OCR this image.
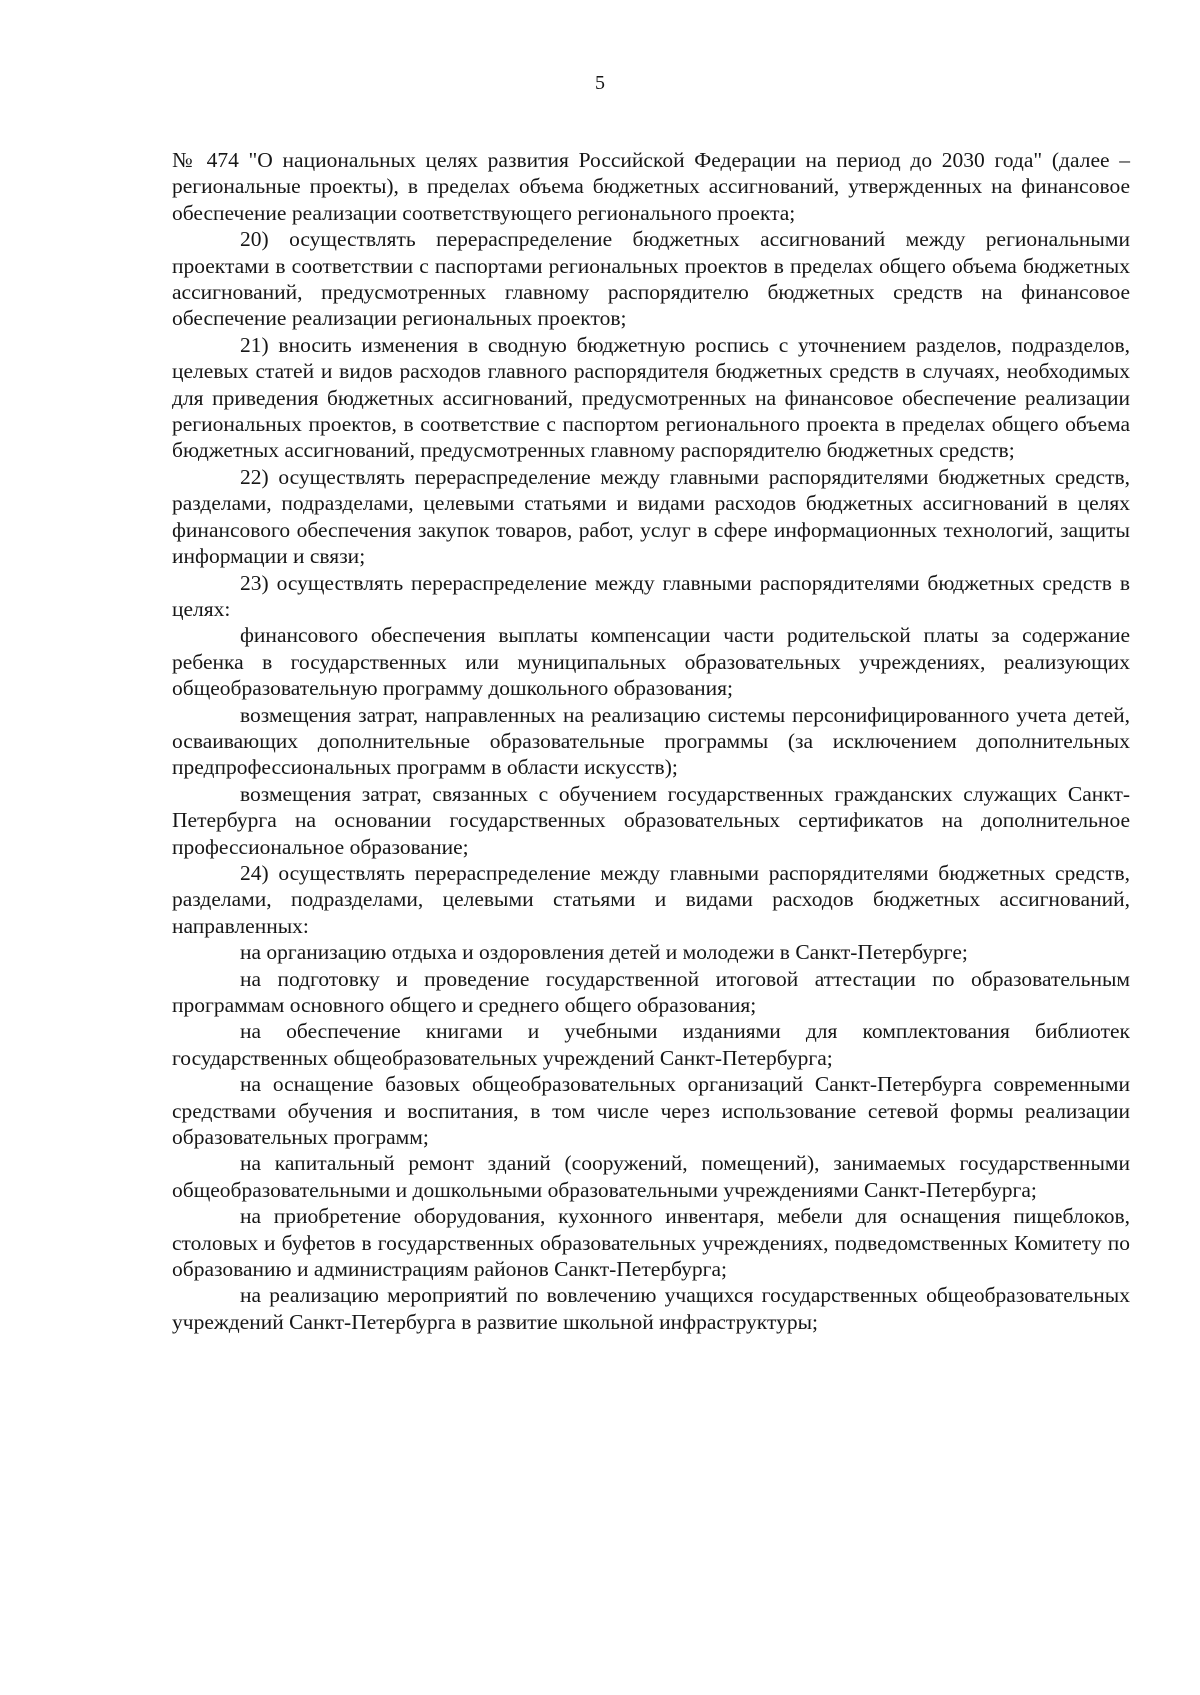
5

№ 474 "О национальных целях развития Российской Федерации на период до 2030 года" (далее – региональные проекты), в пределах объема бюджетных ассигнований, утвержденных на финансовое обеспечение реализации соответствующего регионального проекта;

20) осуществлять перераспределение бюджетных ассигнований между региональными проектами в соответствии с паспортами региональных проектов в пределах общего объема бюджетных ассигнований, предусмотренных главному распорядителю бюджетных средств на финансовое обеспечение реализации региональных проектов;

21) вносить изменения в сводную бюджетную роспись с уточнением разделов, подразделов, целевых статей и видов расходов главного распорядителя бюджетных средств в случаях, необходимых для приведения бюджетных ассигнований, предусмотренных на финансовое обеспечение реализации региональных проектов, в соответствие с паспортом регионального проекта в пределах общего объема бюджетных ассигнований, предусмотренных главному распорядителю бюджетных средств;

22) осуществлять перераспределение между главными распорядителями бюджетных средств, разделами, подразделами, целевыми статьями и видами расходов бюджетных ассигнований в целях финансового обеспечения закупок товаров, работ, услуг в сфере информационных технологий, защиты информации и связи;

23) осуществлять перераспределение между главными распорядителями бюджетных средств в целях:

финансового обеспечения выплаты компенсации части родительской платы за содержание ребенка в государственных или муниципальных образовательных учреждениях, реализующих общеобразовательную программу дошкольного образования;

возмещения затрат, направленных на реализацию системы персонифицированного учета детей, осваивающих дополнительные образовательные программы (за исключением дополнительных предпрофессиональных программ в области искусств);

возмещения затрат, связанных с обучением государственных гражданских служащих Санкт-Петербурга на основании государственных образовательных сертификатов на дополнительное профессиональное образование;

24) осуществлять перераспределение между главными распорядителями бюджетных средств, разделами, подразделами, целевыми статьями и видами расходов бюджетных ассигнований, направленных:

на организацию отдыха и оздоровления детей и молодежи в Санкт-Петербурге;

на подготовку и проведение государственной итоговой аттестации по образовательным программам основного общего и среднего общего образования;

на обеспечение книгами и учебными изданиями для комплектования библиотек государственных общеобразовательных учреждений Санкт-Петербурга;

на оснащение базовых общеобразовательных организаций Санкт-Петербурга современными средствами обучения и воспитания, в том числе через использование сетевой формы реализации образовательных программ;

на капитальный ремонт зданий (сооружений, помещений), занимаемых государственными общеобразовательными и дошкольными образовательными учреждениями Санкт-Петербурга;

на приобретение оборудования, кухонного инвентаря, мебели для оснащения пищеблоков, столовых и буфетов в государственных образовательных учреждениях, подведомственных Комитету по образованию и администрациям районов Санкт-Петербурга;

на реализацию мероприятий по вовлечению учащихся государственных общеобразовательных учреждений Санкт-Петербурга в развитие школьной инфраструктуры;
